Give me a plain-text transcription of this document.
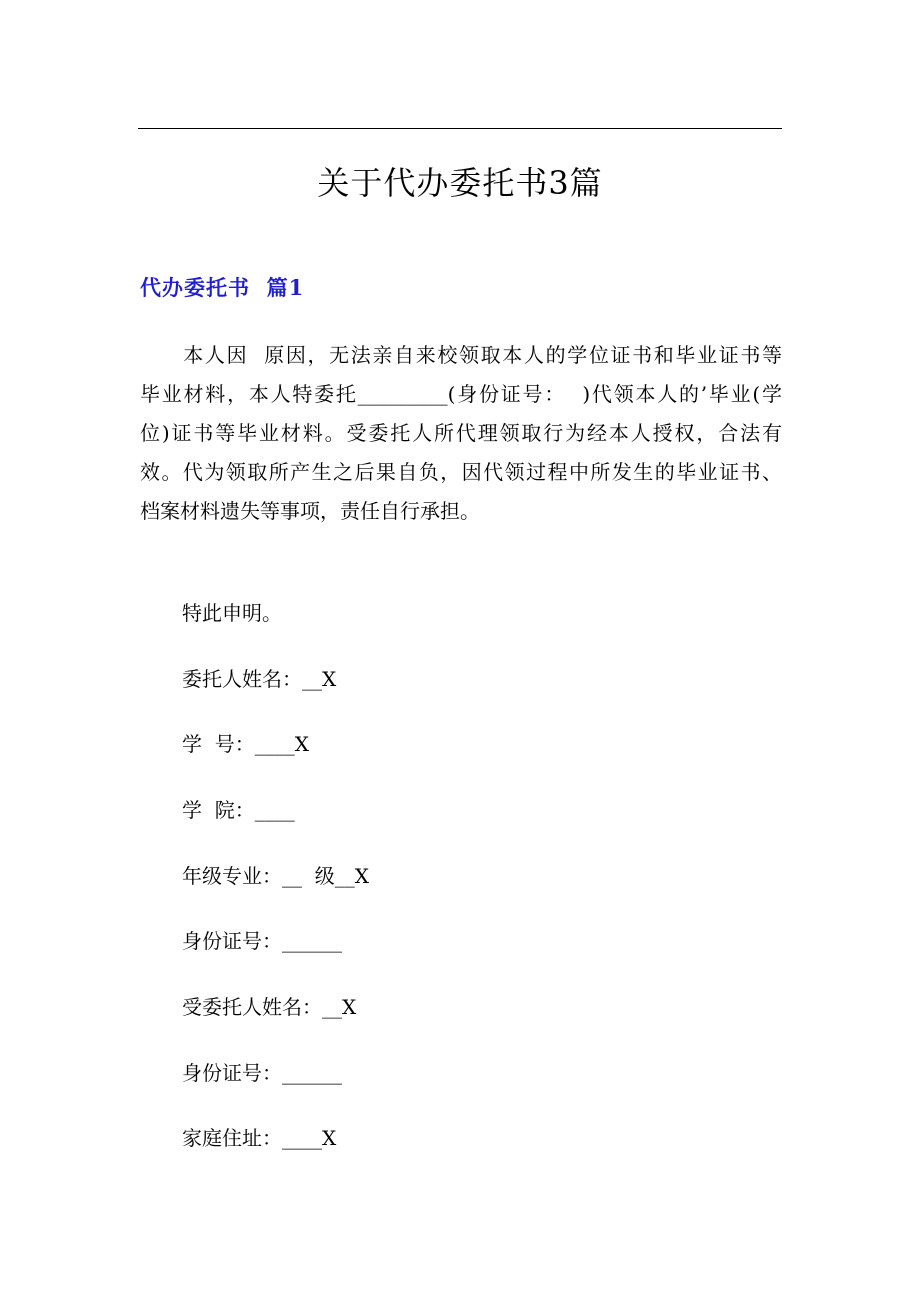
关于代办委托书3篇
代办委托书  篇1

　　本人因  原因，无法亲自来校领取本人的学位证书和毕业证书等
毕业材料，本人特委托_________(身份证号：  )代领本人的’毕业(学
位)证书等毕业材料。受委托人所代理领取行为经本人授权，合法有
效。代为领取所产生之后果自负，因代领过程中所发生的毕业证书、
档案材料遗失等事项，责任自行承担。

特此申明。

委托人姓名：__X

学  号：____X

学  院：____

年级专业：__  级__X

身份证号：______

受委托人姓名：__X

身份证号：______

家庭住址：____X
